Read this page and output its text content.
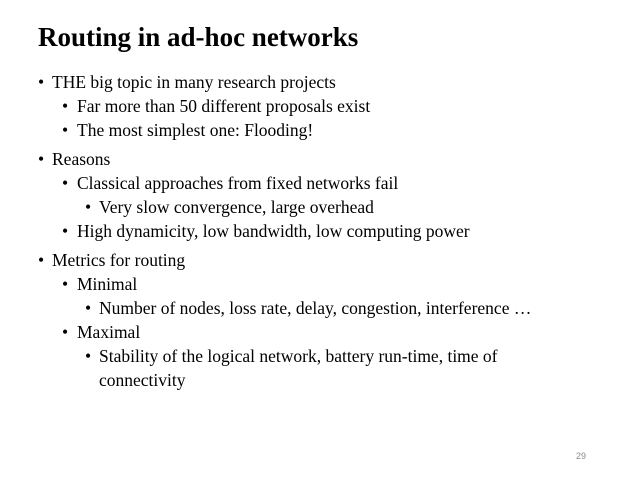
Routing in ad-hoc networks
• THE big topic in many research projects
• Far more than 50 different proposals exist
• The most simplest one: Flooding!
• Reasons
• Classical approaches from fixed networks fail
• Very slow convergence, large overhead
• High dynamicity, low bandwidth, low computing power
• Metrics for routing
• Minimal
• Number of nodes, loss rate, delay, congestion, interference …
• Maximal
• Stability of the logical network, battery run-time, time of connectivity
29
